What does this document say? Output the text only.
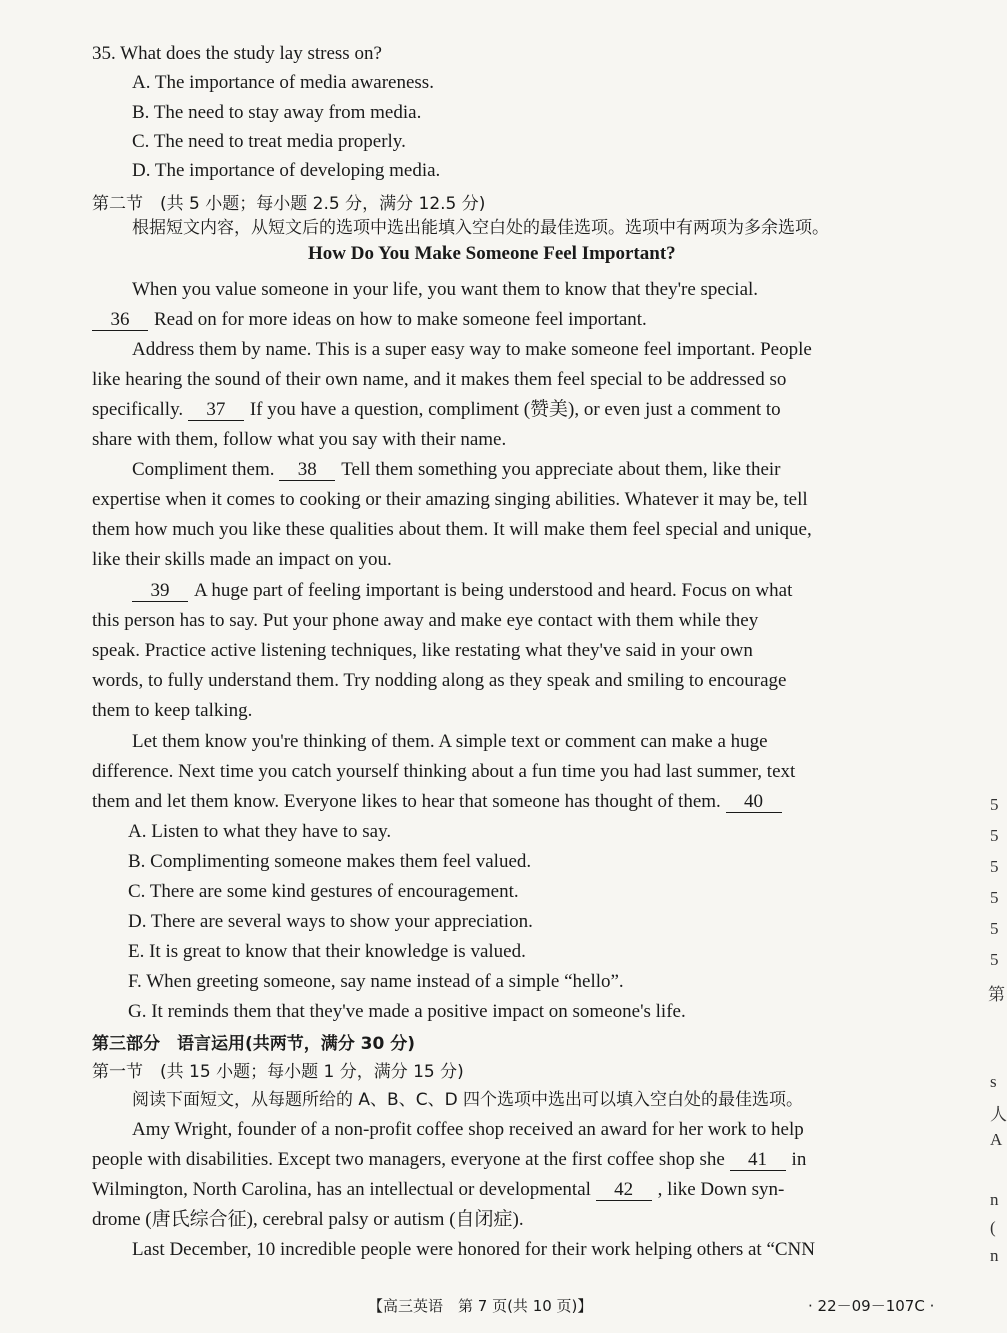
35. What does the study lay stress on?
A. The importance of media awareness.
B. The need to stay away from media.
C. The need to treat media properly.
D. The importance of developing media.
第二节　(共 5 小题；每小题 2.5 分，满分 12.5 分)
根据短文内容，从短文后的选项中选出能填入空白处的最佳选项。选项中有两项为多余选项。
How Do You Make Someone Feel Important?
When you value someone in your life, you want them to know that they're special.
36 Read on for more ideas on how to make someone feel important.
Address them by name. This is a super easy way to make someone feel important. People
like hearing the sound of their own name, and it makes them feel special to be addressed so
specifically. 37 If you have a question, compliment (赞美), or even just a comment to
share with them, follow what you say with their name.
Compliment them. 38 Tell them something you appreciate about them, like their
expertise when it comes to cooking or their amazing singing abilities. Whatever it may be, tell
them how much you like these qualities about them. It will make them feel special and unique,
like their skills made an impact on you.
39 A huge part of feeling important is being understood and heard. Focus on what
this person has to say. Put your phone away and make eye contact with them while they
speak. Practice active listening techniques, like restating what they've said in your own
words, to fully understand them. Try nodding along as they speak and smiling to encourage
them to keep talking.
Let them know you're thinking of them. A simple text or comment can make a huge
difference. Next time you catch yourself thinking about a fun time you had last summer, text
them and let them know. Everyone likes to hear that someone has thought of them. 40
A. Listen to what they have to say.
B. Complimenting someone makes them feel valued.
C. There are some kind gestures of encouragement.
D. There are several ways to show your appreciation.
E. It is great to know that their knowledge is valued.
F. When greeting someone, say name instead of a simple “hello”.
G. It reminds them that they've made a positive impact on someone's life.
第三部分　语言运用(共两节，满分 30 分)
第一节　(共 15 小题；每小题 1 分，满分 15 分)
阅读下面短文，从每题所给的 A、B、C、D 四个选项中选出可以填入空白处的最佳选项。
Amy Wright, founder of a non-profit coffee shop received an award for her work to help
people with disabilities. Except two managers, everyone at the first coffee shop she 41 in
Wilmington, North Carolina, has an intellectual or developmental 42 , like Down syn-
drome (唐氏综合征), cerebral palsy or autism (自闭症).
Last December, 10 incredible people were honored for their work helping others at “CNN
【高三英语　第 7 页(共 10 页)】	· 22－09－107C ·
5
5
5
5
5
5
第
s
人
A
n
(
n
